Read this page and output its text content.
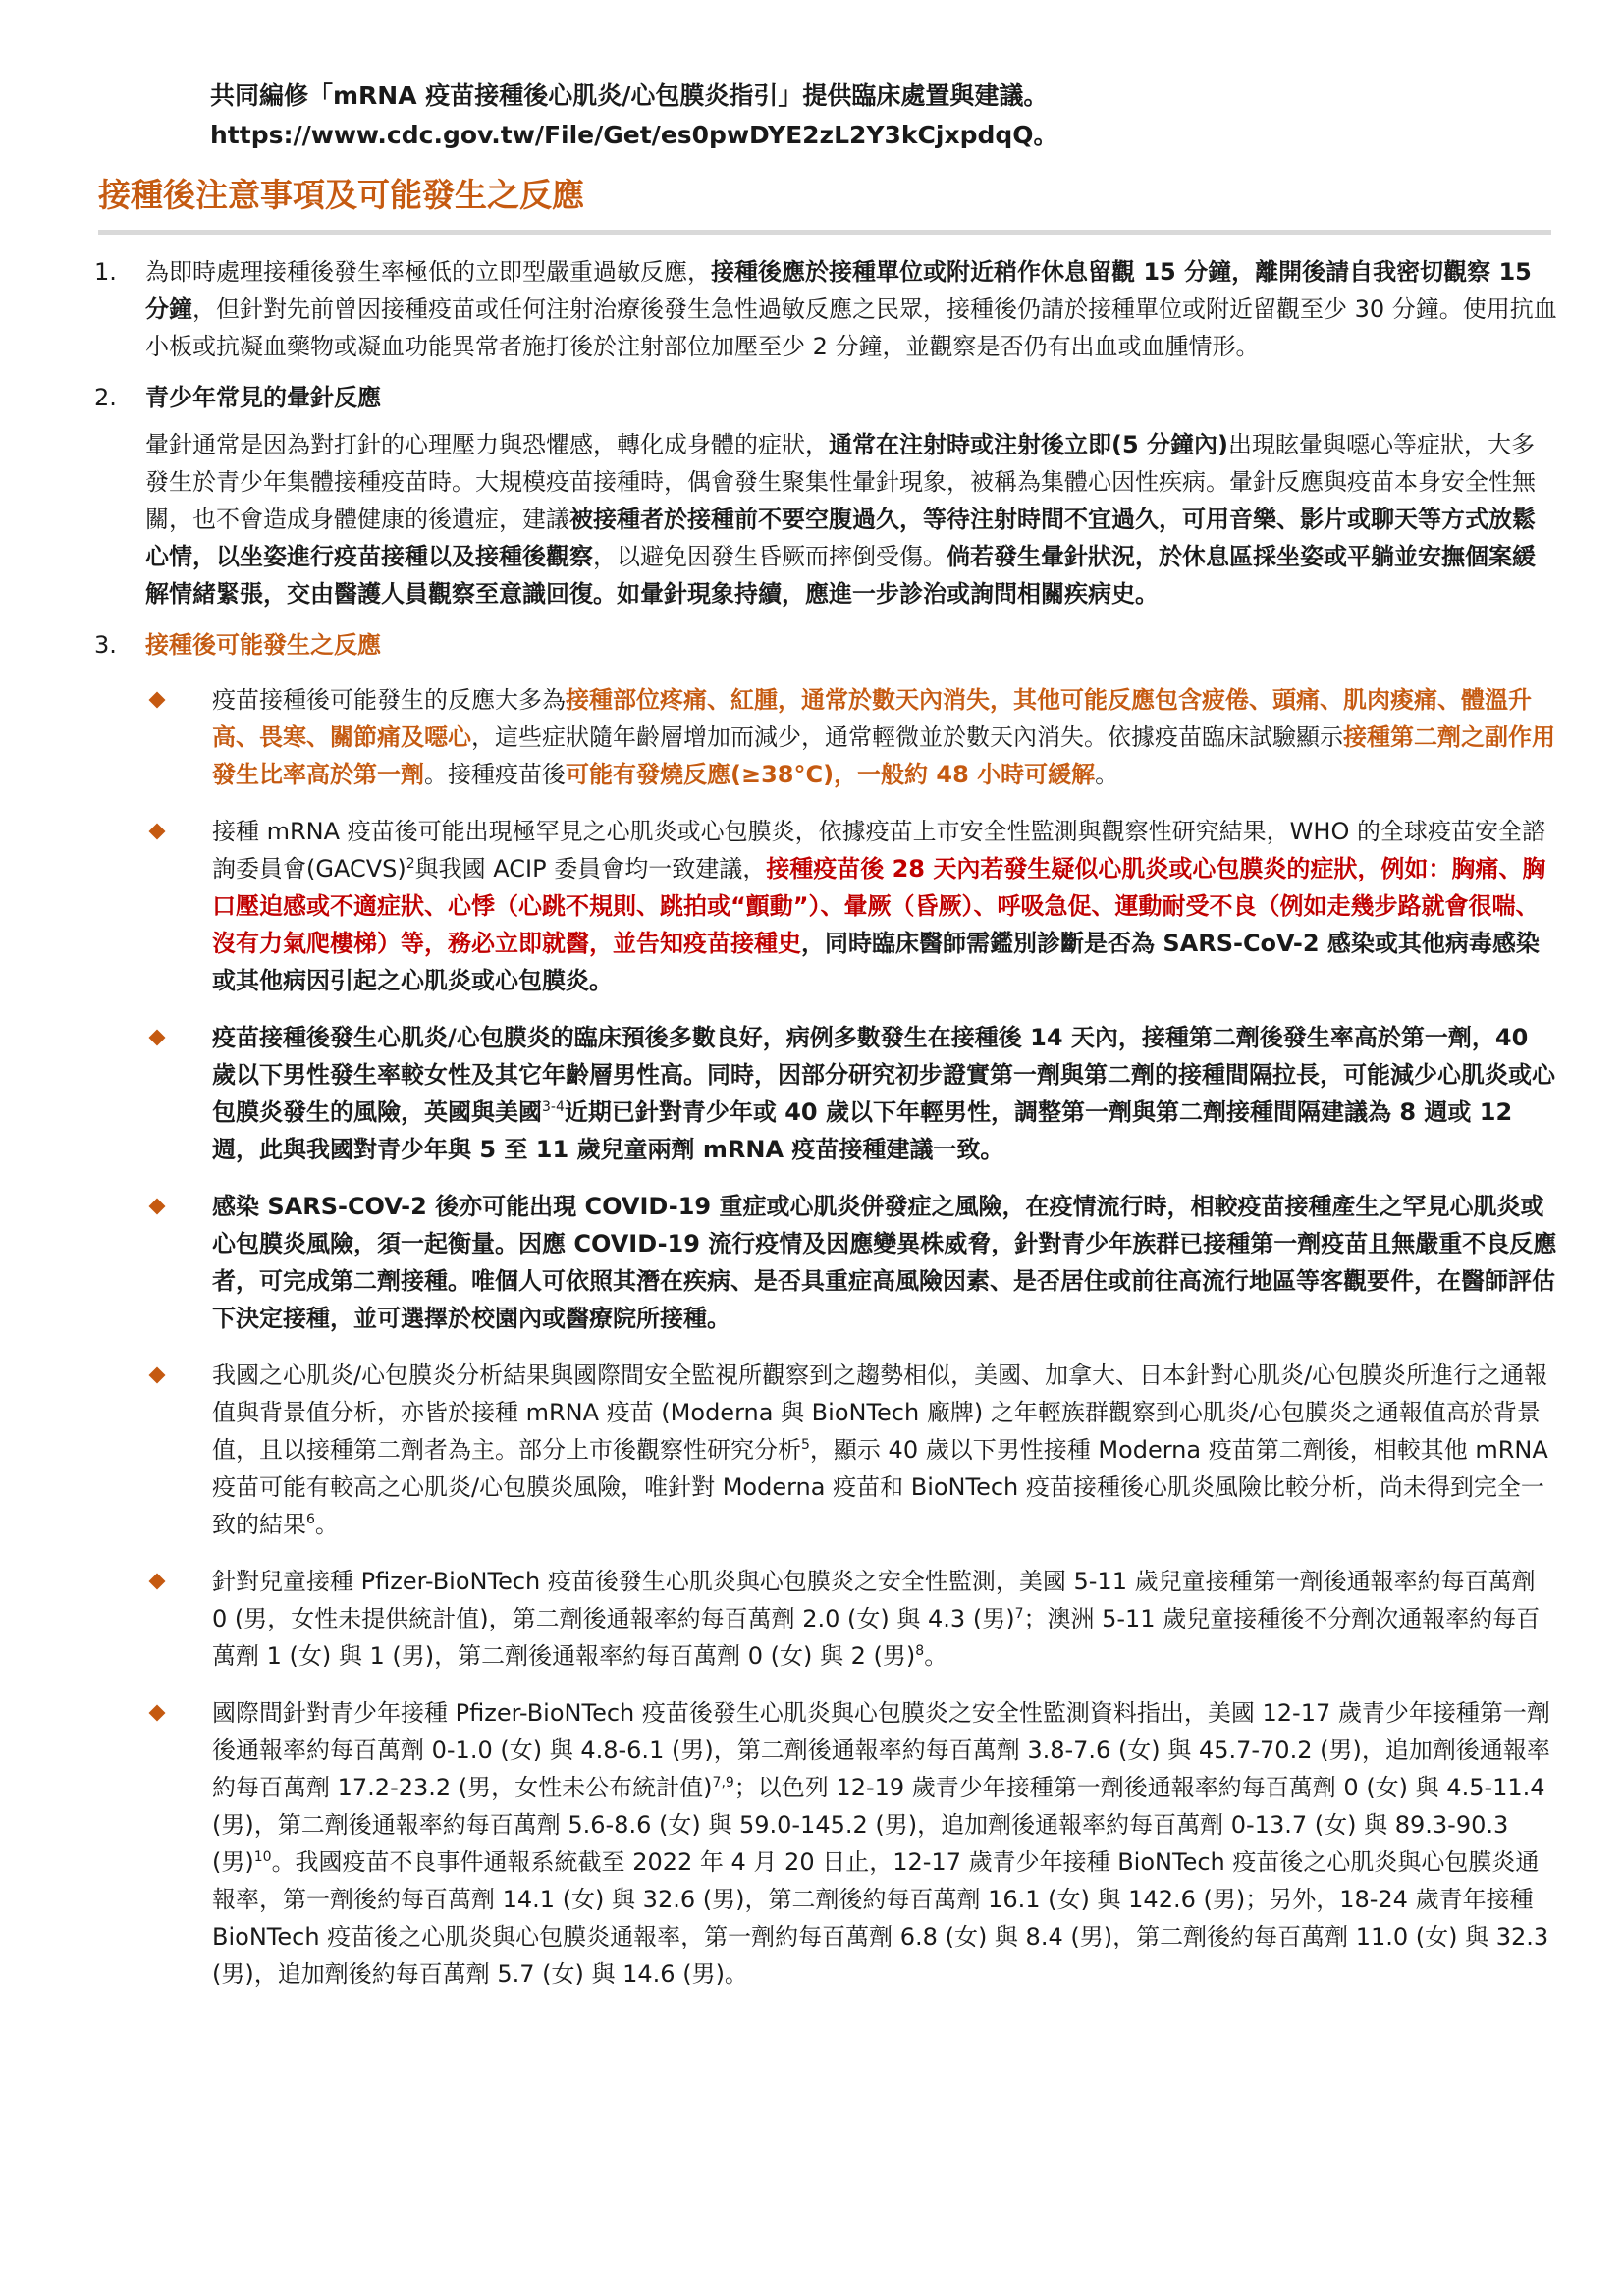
共同編修「mRNA 疫苗接種後心肌炎/心包膜炎指引」提供臨床處置與建議。
https://www.cdc.gov.tw/File/Get/es0pwDYE2zL2Y3kCjxpdqQ。
接種後注意事項及可能發生之反應
1. 為即時處理接種後發生率極低的立即型嚴重過敏反應，接種後應於接種單位或附近稍作休息留觀 15 分鐘，離開後請自我密切觀察 15 分鐘，但針對先前曾因接種疫苗或任何注射治療後發生急性過敏反應之民眾，接種後仍請於接種單位或附近留觀至少 30 分鐘。使用抗血小板或抗凝血藥物或凝血功能異常者施打後於注射部位加壓至少 2 分鐘，並觀察是否仍有出血或血腫情形。
2. 青少年常見的暈針反應
暈針通常是因為對打針的心理壓力與恐懼感，轉化成身體的症狀，通常在注射時或注射後立即(5 分鐘內)出現眩暈與噁心等症狀，大多發生於青少年集體接種疫苗時。大規模疫苗接種時，偶會發生聚集性暈針現象，被稱為集體心因性疾病。暈針反應與疫苗本身安全性無關，也不會造成身體健康的後遺症，建議被接種者於接種前不要空腹過久，等待注射時間不宜過久，可用音樂、影片或聊天等方式放鬆心情，以坐姿進行疫苗接種以及接種後觀察，以避免因發生昏厥而摔倒受傷。倘若發生暈針狀況，於休息區採坐姿或平躺並安撫個案緩解情緒緊張，交由醫護人員觀察至意識回復。如暈針現象持續，應進一步診治或詢問相關疾病史。
3. 接種後可能發生之反應
疫苗接種後可能發生的反應大多為接種部位疼痛、紅腫，通常於數天內消失，其他可能反應包含疲倦、頭痛、肌肉痠痛、體溫升高、畏寒、關節痛及噁心，這些症狀隨年齡層增加而減少，通常輕微並於數天內消失。依據疫苗臨床試驗顯示接種第二劑之副作用發生比率高於第一劑。接種疫苗後可能有發燒反應(≥38°C)，一般約 48 小時可緩解。
接種 mRNA 疫苗後可能出現極罕見之心肌炎或心包膜炎，依據疫苗上市安全性監測與觀察性研究結果，WHO 的全球疫苗安全諮詢委員會(GACVS)$^2$與我國 ACIP 委員會均一致建議，接種疫苗後 28 天內若發生疑似心肌炎或心包膜炎的症狀，例如：胸痛、胸口壓迫感或不適症狀、心悸（心跳不規則、跳拍或“顫動”）、暈厥（昏厥）、呼吸急促、運動耐受不良（例如走幾步路就會很喘、沒有力氣爬樓梯）等，務必立即就醫，並告知疫苗接種史，同時臨床醫師需鑑別診斷是否為 SARS-CoV-2 感染或其他病毒感染或其他病因引起之心肌炎或心包膜炎。
疫苗接種後發生心肌炎/心包膜炎的臨床預後多數良好，病例多數發生在接種後 14 天內，接種第二劑後發生率高於第一劑，40 歲以下男性發生率較女性及其它年齡層男性高。同時，因部分研究初步證實第一劑與第二劑的接種間隔拉長，可能減少心肌炎或心包膜炎發生的風險，英國與美國$^{3-4}$近期已針對青少年或 40 歲以下年輕男性，調整第一劑與第二劑接種間隔建議為 8 週或 12 週，此與我國對青少年與 5 至 11 歲兒童兩劑 mRNA 疫苗接種建議一致。
感染 SARS-COV-2 後亦可能出現 COVID-19 重症或心肌炎併發症之風險，在疫情流行時，相較疫苗接種產生之罕見心肌炎或心包膜炎風險，須一起衡量。因應 COVID-19 流行疫情及因應變異株威脅，針對青少年族群已接種第一劑疫苗且無嚴重不良反應者，可完成第二劑接種。唯個人可依照其潛在疾病、是否具重症高風險因素、是否居住或前往高流行地區等客觀要件，在醫師評估下決定接種，並可選擇於校園內或醫療院所接種。
我國之心肌炎/心包膜炎分析結果與國際間安全監視所觀察到之趨勢相似，美國、加拿大、日本針對心肌炎/心包膜炎所進行之通報值與背景值分析，亦皆於接種 mRNA 疫苗 (Moderna 與 BioNTech 廠牌) 之年輕族群觀察到心肌炎/心包膜炎之通報值高於背景值，且以接種第二劑者為主。部分上市後觀察性研究分析$^5$，顯示 40 歲以下男性接種 Moderna 疫苗第二劑後，相較其他 mRNA 疫苗可能有較高之心肌炎/心包膜炎風險，唯針對 Moderna 疫苗和 BioNTech 疫苗接種後心肌炎風險比較分析，尚未得到完全一致的結果$^6$。
針對兒童接種 Pfizer-BioNTech 疫苗後發生心肌炎與心包膜炎之安全性監測，美國 5-11 歲兒童接種第一劑後通報率約每百萬劑 0 (男，女性未提供統計值)，第二劑後通報率約每百萬劑 2.0 (女) 與 4.3 (男)$^7$；澳洲 5-11 歲兒童接種後不分劑次通報率約每百萬劑 1 (女) 與 1 (男)，第二劑後通報率約每百萬劑 0 (女) 與 2 (男)$^8$。
國際間針對青少年接種 Pfizer-BioNTech 疫苗後發生心肌炎與心包膜炎之安全性監測資料指出，美國 12-17 歲青少年接種第一劑後通報率約每百萬劑 0-1.0 (女) 與 4.8-6.1 (男)，第二劑後通報率約每百萬劑 3.8-7.6 (女) 與 45.7-70.2 (男)，追加劑後通報率約每百萬劑 17.2-23.2 (男，女性未公布統計值)$^{7,9}$；以色列 12-19 歲青少年接種第一劑後通報率約每百萬劑 0 (女) 與 4.5-11.4 (男)，第二劑後通報率約每百萬劑 5.6-8.6 (女) 與 59.0-145.2 (男)，追加劑後通報率約每百萬劑 0-13.7 (女) 與 89.3-90.3 (男)$^{10}$。我國疫苗不良事件通報系統截至 2022 年 4 月 20 日止，12-17 歲青少年接種 BioNTech 疫苗後之心肌炎與心包膜炎通報率，第一劑後約每百萬劑 14.1 (女) 與 32.6 (男)，第二劑後約每百萬劑 16.1 (女) 與 142.6 (男)；另外，18-24 歲青年接種 BioNTech 疫苗後之心肌炎與心包膜炎通報率，第一劑約每百萬劑 6.8 (女) 與 8.4 (男)，第二劑後約每百萬劑 11.0 (女) 與 32.3 (男)，追加劑後約每百萬劑 5.7 (女) 與 14.6 (男)。
